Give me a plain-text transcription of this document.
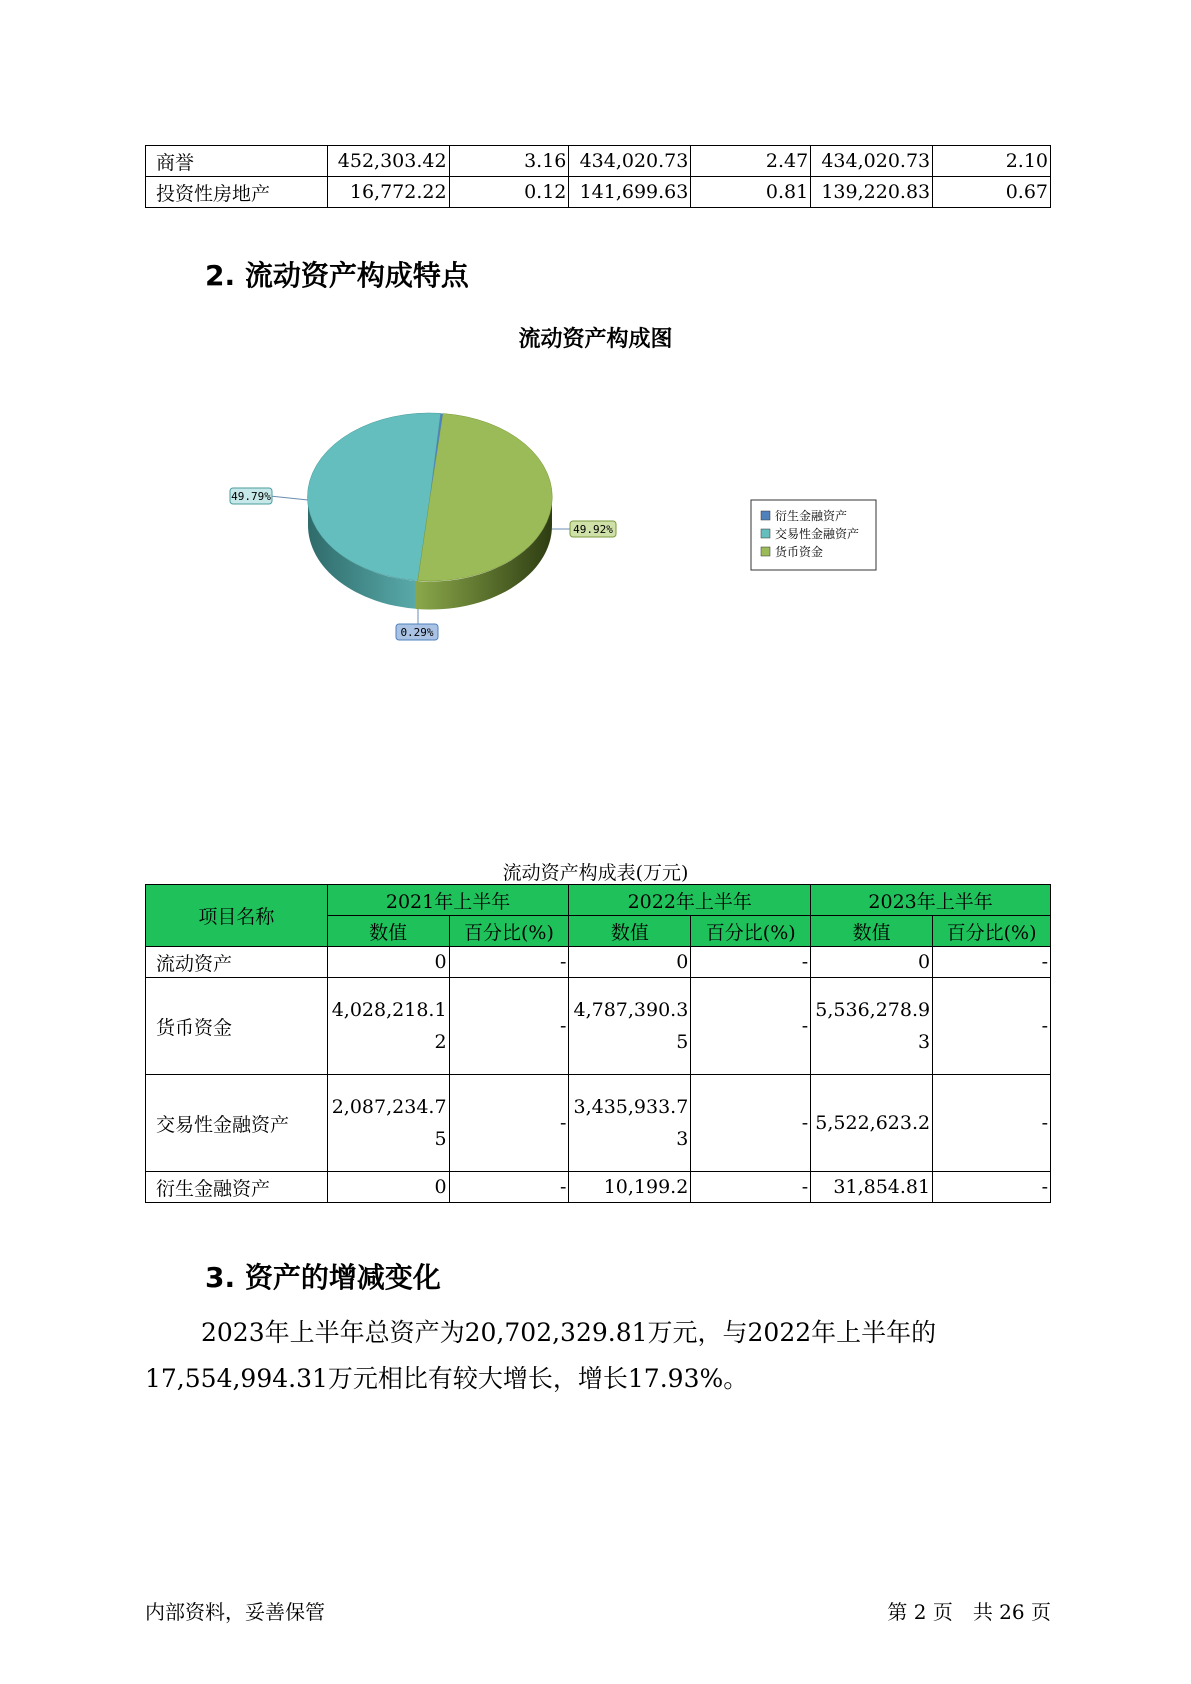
商誉	452,303.42	3.16	434,020.73	2.47	434,020.73	2.10
投资性房地产	16,772.22	0.12	141,699.63	0.81	139,220.83	0.67
2. 流动资产构成特点
流动资产构成图
49.79%
49.92%
0.29%
衍生金融资产
交易性金融资产
货币资金
流动资产构成表(万元)
项目名称	2021年上半年		2022年上半年		2023年上半年	
	数值	百分比(%)	数值	百分比(%)	数值	百分比(%)
流动资产	0	-	0	-	0	-
货币资金	4,028,218.12	-	4,787,390.35	-	5,536,278.93	-
交易性金融资产	2,087,234.75	-	3,435,933.73	-	5,522,623.2	-
衍生金融资产	0	-	10,199.2	-	31,854.81	-
3. 资产的增减变化
2023年上半年总资产为20,702,329.81万元，与2022年上半年的17,554,994.31万元相比有较大增长，增长17.93%。
内部资料，妥善保管	第 2 页　共 26 页
